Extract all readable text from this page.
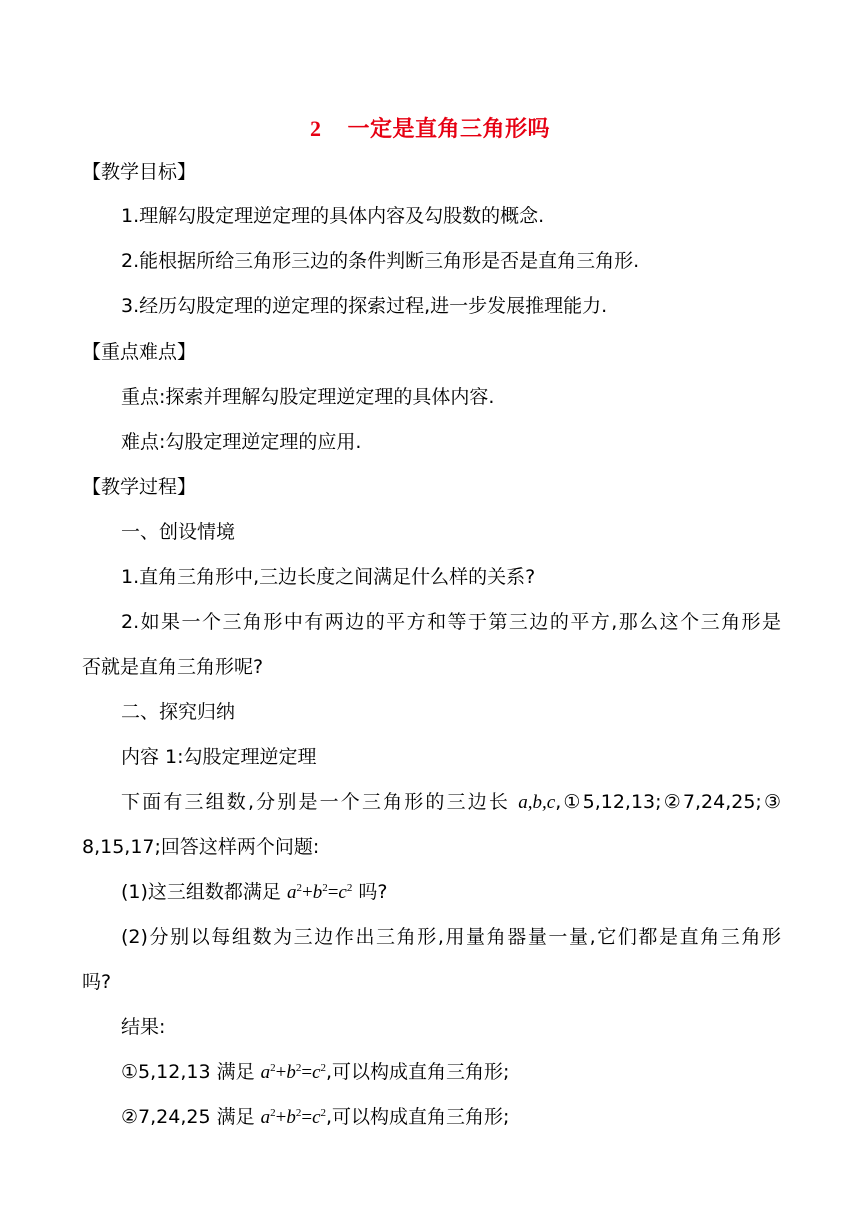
2 一定是直角三角形吗
【教学目标】
1.理解勾股定理逆定理的具体内容及勾股数的概念.
2.能根据所给三角形三边的条件判断三角形是否是直角三角形.
3.经历勾股定理的逆定理的探索过程,进一步发展推理能力.
【重点难点】
重点:探索并理解勾股定理逆定理的具体内容.
难点:勾股定理逆定理的应用.
【教学过程】
一、创设情境
1.直角三角形中,三边长度之间满足什么样的关系?
2.如果一个三角形中有两边的平方和等于第三边的平方,那么这个三角形是
否就是直角三角形呢?
二、探究归纳
内容 1:勾股定理逆定理
下面有三组数,分别是一个三角形的三边长 a,b,c,①5,12,13;②7,24,25;③
8,15,17;回答这样两个问题:
(1)这三组数都满足 $a^2+b^2=c^2$ 吗?
(2)分别以每组数为三边作出三角形,用量角器量一量,它们都是直角三角形
吗?
结果:
①5,12,13 满足 $a^2+b^2=c^2$,可以构成直角三角形;
②7,24,25 满足 $a^2+b^2=c^2$,可以构成直角三角形;
